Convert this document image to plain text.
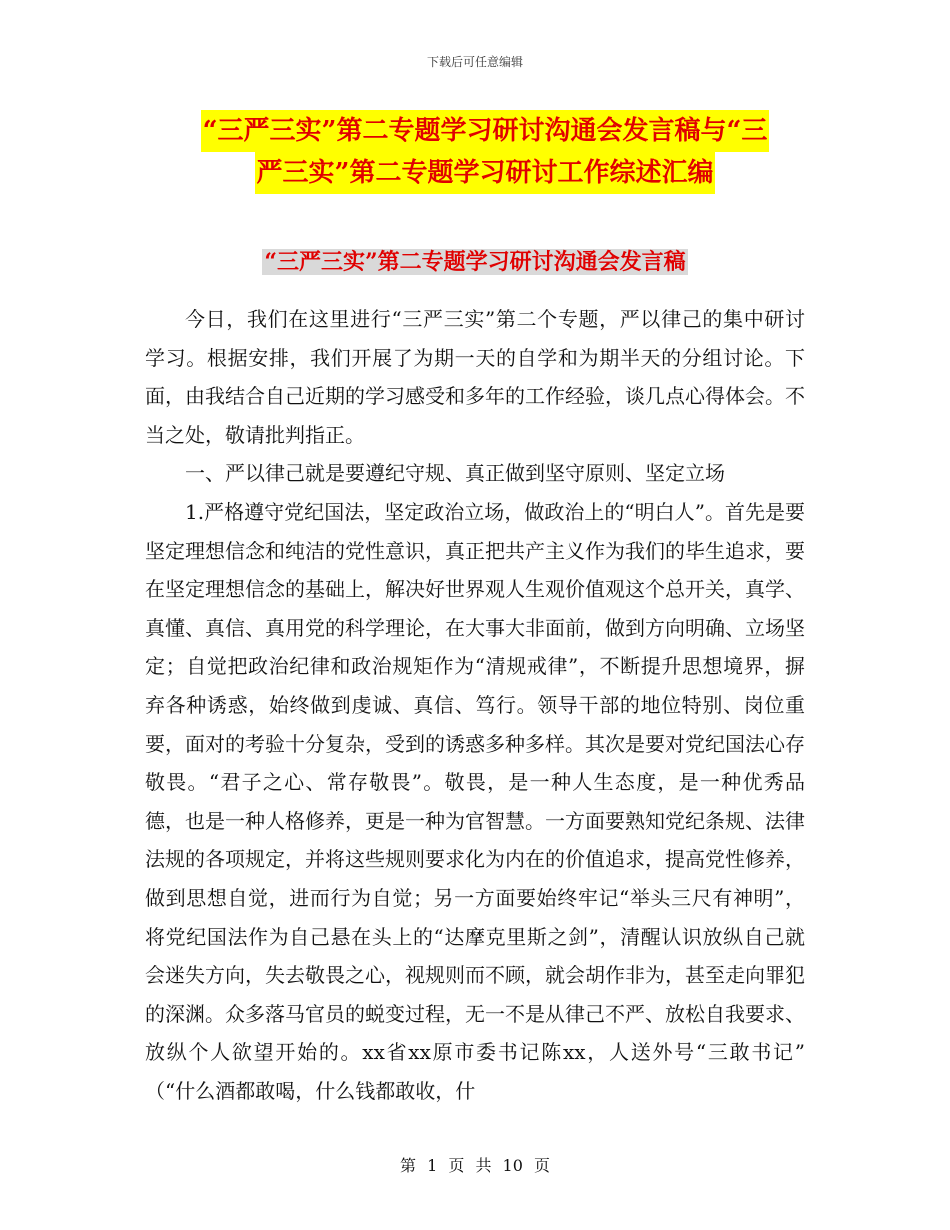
下载后可任意编辑
“三严三实”第二专题学习研讨沟通会发言稿与“三
严三实”第二专题学习研讨工作综述汇编
“三严三实”第二专题学习研讨沟通会发言稿

今日，我们在这里进行“三严三实”第二个专题，严以律己的集中研讨学习。根据安排，我们开展了为期一天的自学和为期半天的分组讨论。下面，由我结合自己近期的学习感受和多年的工作经验，谈几点心得体会。不当之处，敬请批判指正。

一、严以律己就是要遵纪守规、真正做到坚守原则、坚定立场

1.严格遵守党纪国法，坚定政治立场，做政治上的“明白人”。首先是要坚定理想信念和纯洁的党性意识，真正把共产主义作为我们的毕生追求，要在坚定理想信念的基础上，解决好世界观人生观价值观这个总开关，真学、真懂、真信、真用党的科学理论，在大事大非面前，做到方向明确、立场坚定；自觉把政治纪律和政治规矩作为“清规戒律”，不断提升思想境界，摒弃各种诱惑，始终做到虔诚、真信、笃行。领导干部的地位特别、岗位重要，面对的考验十分复杂，受到的诱惑多种多样。其次是要对党纪国法心存敬畏。“君子之心、常存敬畏”。敬畏，是一种人生态度，是一种优秀品德，也是一种人格修养，更是一种为官智慧。一方面要熟知党纪条规、法律法规的各项规定，并将这些规则要求化为内在的价值追求，提高党性修养，做到思想自觉，进而行为自觉；另一方面要始终牢记“举头三尺有神明”，将党纪国法作为自己悬在头上的“达摩克里斯之剑”，清醒认识放纵自己就会迷失方向，失去敬畏之心，视规则而不顾，就会胡作非为，甚至走向罪犯的深渊。众多落马官员的蜕变过程，无一不是从律己不严、放松自我要求、放纵个人欲望开始的。xx省xx原市委书记陈xx，人送外号“三敢书记” （“什么酒都敢喝，什么钱都敢收，什

第 1 页 共 10 页
